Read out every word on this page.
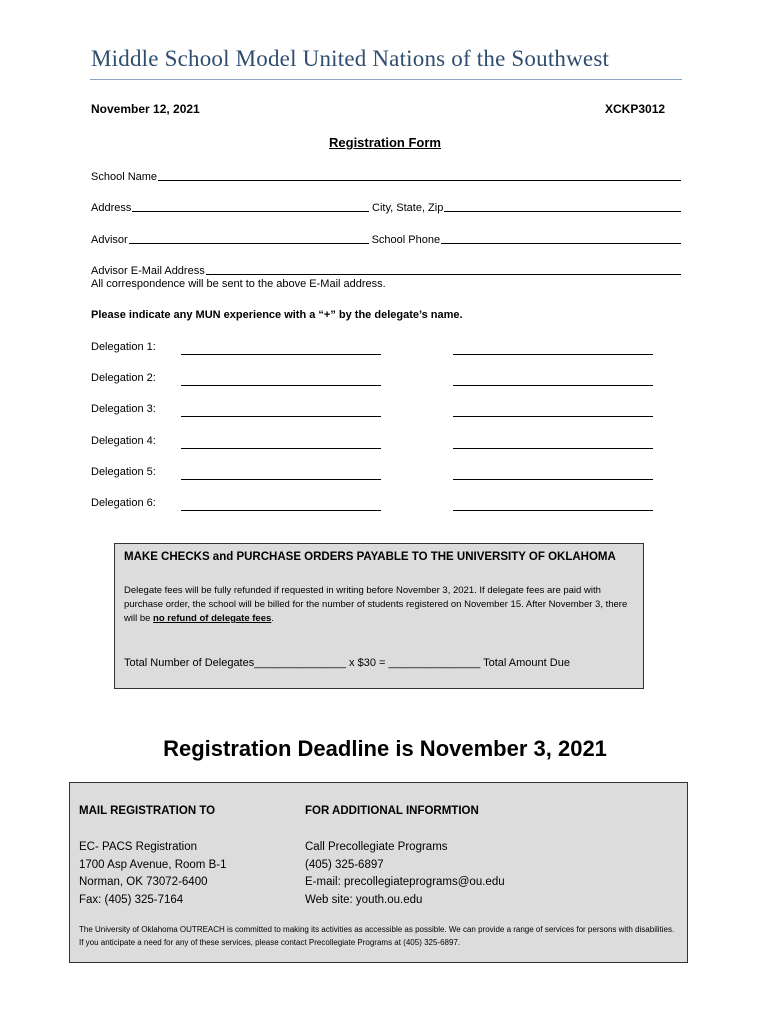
Middle School Model United Nations of the Southwest
November 12, 2021	XCKP3012
Registration Form
School Name
Address	City, State, Zip
Advisor	School Phone
Advisor E-Mail Address
All correspondence will be sent to the above E-Mail address.
Please indicate any MUN experience with a “+” by the delegate’s name.
Delegation 1:
Delegation 2:
Delegation 3:
Delegation 4:
Delegation 5:
Delegation 6:
MAKE CHECKS and PURCHASE ORDERS PAYABLE TO THE UNIVERSITY OF OKLAHOMA
Delegate fees will be fully refunded if requested in writing before November 3, 2021. If delegate fees are paid with purchase order, the school will be billed for the number of students registered on November 15. After November 3, there will be no refund of delegate fees.
Total Number of Delegates_______________ x $30 = _______________ Total Amount Due
Registration Deadline is November 3, 2021
MAIL REGISTRATION TO
EC- PACS Registration
1700 Asp Avenue, Room B-1
Norman, OK 73072-6400
Fax: (405) 325-7164
FOR ADDITIONAL INFORMTION
Call Precollegiate Programs
(405) 325-6897
E-mail: precollegiateprograms@ou.edu
Web site: youth.ou.edu
The University of Oklahoma OUTREACH is committed to making its activities as accessible as possible. We can provide a range of services for persons with disabilities. If you anticipate a need for any of these services, please contact Precollegiate Programs at (405) 325-6897.
